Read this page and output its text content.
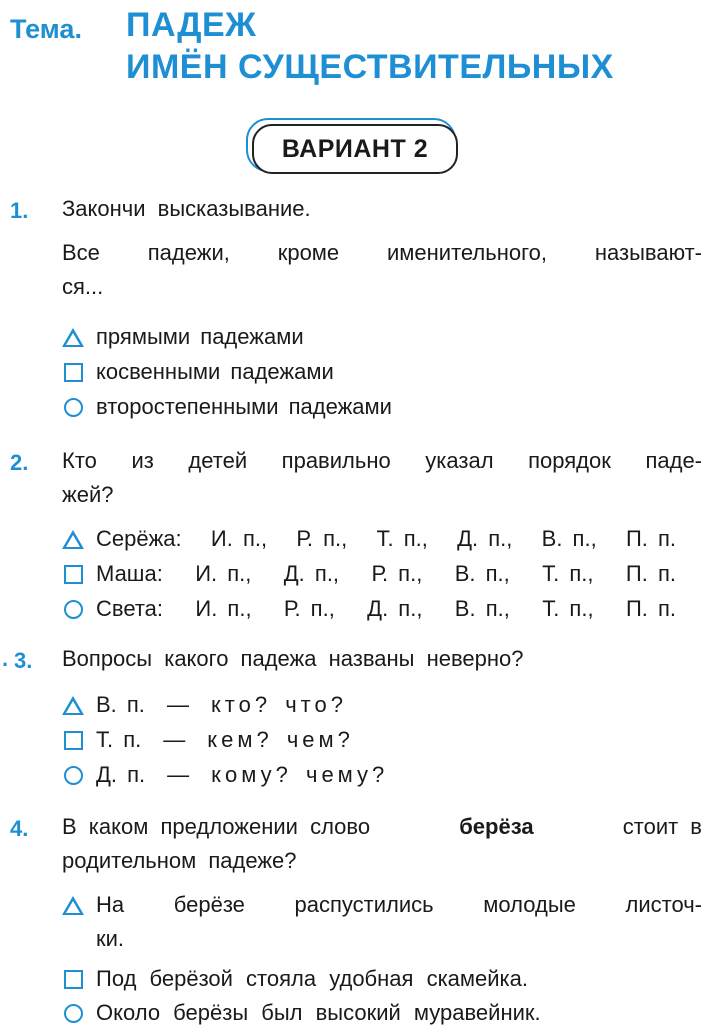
Тема. ПАДЕЖ
ИМЁН СУЩЕСТВИТЕЛЬНЫХ
ВАРИАНТ 2
1. Закончи высказывание.
Все падежи, кроме именительного, называют-
ся...
прямыми падежами
косвенными падежами
второстепенными падежами
2. Кто из детей правильно указал порядок паде-
жей?
Серёжа: И. п., Р. п., Т. п., Д. п., В. п., П. п.
Маша: И. п., Д. п., Р. п., В. п., Т. п., П. п.
Света: И. п., Р. п., Д. п., В. п., Т. п., П. п.
· 3. Вопросы какого падежа названы неверно?
В. п. — кто? что?
Т. п. — кем? чем?
Д. п. — кому? чему?
4. В каком предложении слово	берёза	стоит в
родительном падеже?
На берёзе распустились молодые листоч-
ки.
Под берёзой стояла удобная скамейка.
Около берёзы был высокий муравейник.
